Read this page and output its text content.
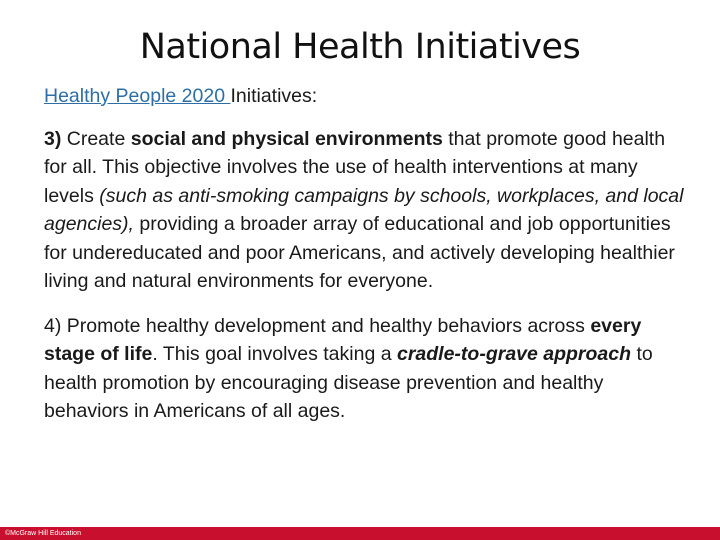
National Health Initiatives

Healthy People 2020 Initiatives:

3) Create social and physical environments that promote good health for all. This objective involves the use of health interventions at many levels (such as anti-smoking campaigns by schools, workplaces, and local agencies), providing a broader array of educational and job opportunities for undereducated and poor Americans, and actively developing healthier living and natural environments for everyone.

4) Promote healthy development and healthy behaviors across every stage of life. This goal involves taking a cradle-to-grave approach to health promotion by encouraging disease prevention and healthy behaviors in Americans of all ages.

©McGraw Hill Education
